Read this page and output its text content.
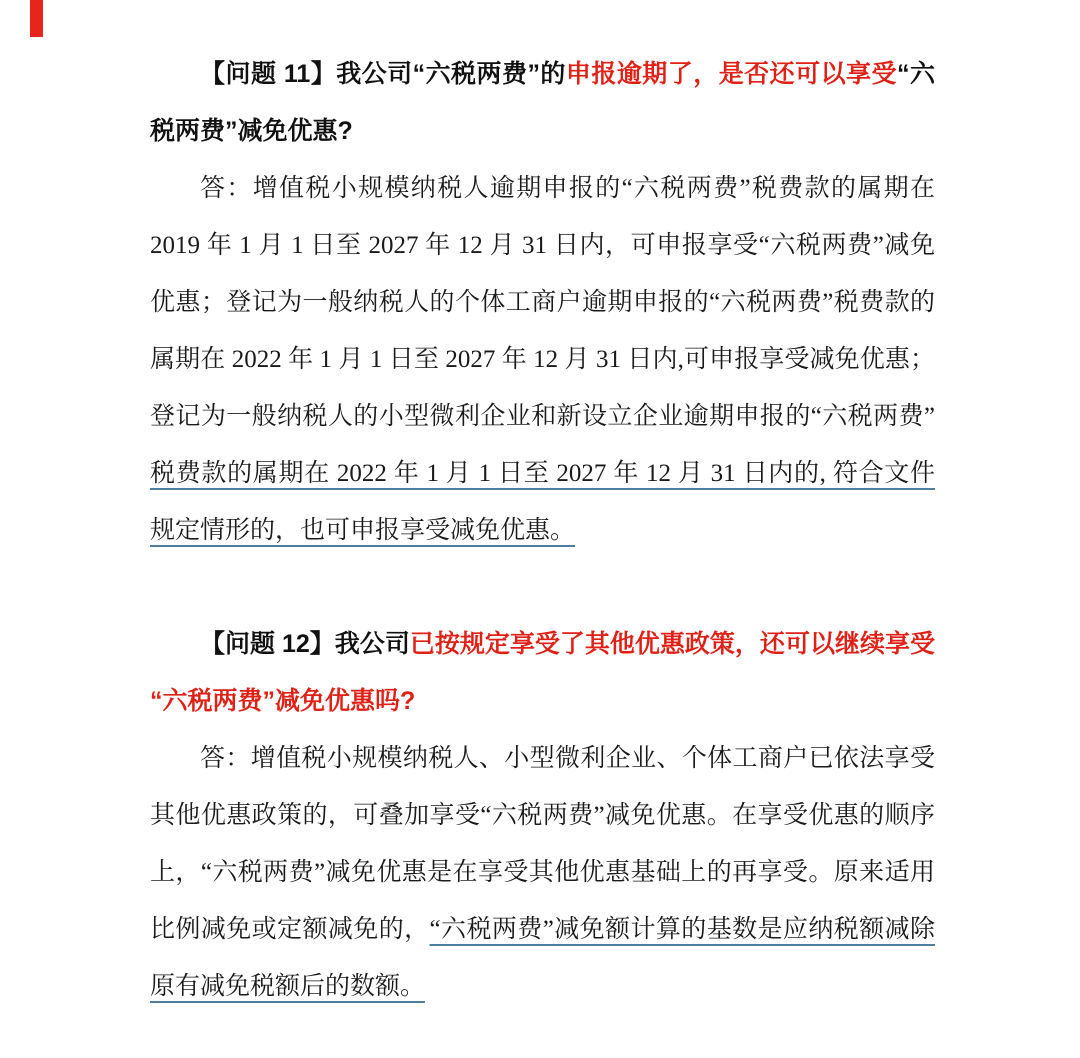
【问题 11】我公司“六税两费”的申报逾期了，是否还可以享受“六
税两费”减免优惠?
答：增值税小规模纳税人逾期申报的“六税两费”税费款的属期在
2019 年 1 月 1 日至 2027 年 12 月 31 日内，可申报享受“六税两费”减免
优惠；登记为一般纳税人的个体工商户逾期申报的“六税两费”税费款的
属期在 2022 年 1 月 1 日至 2027 年 12 月 31 日内,可申报享受减免优惠；
登记为一般纳税人的小型微利企业和新设立企业逾期申报的“六税两费”
税费款的属期在 2022 年 1 月 1 日至 2027 年 12 月 31 日内的, 符合文件
规定情形的，也可申报享受减免优惠。
【问题 12】我公司已按规定享受了其他优惠政策，还可以继续享受
“六税两费”减免优惠吗?
答：增值税小规模纳税人、小型微利企业、个体工商户已依法享受
其他优惠政策的，可叠加享受“六税两费”减免优惠。在享受优惠的顺序
上，“六税两费”减免优惠是在享受其他优惠基础上的再享受。原来适用
比例减免或定额减免的，“六税两费”减免额计算的基数是应纳税额减除
原有减免税额后的数额。
